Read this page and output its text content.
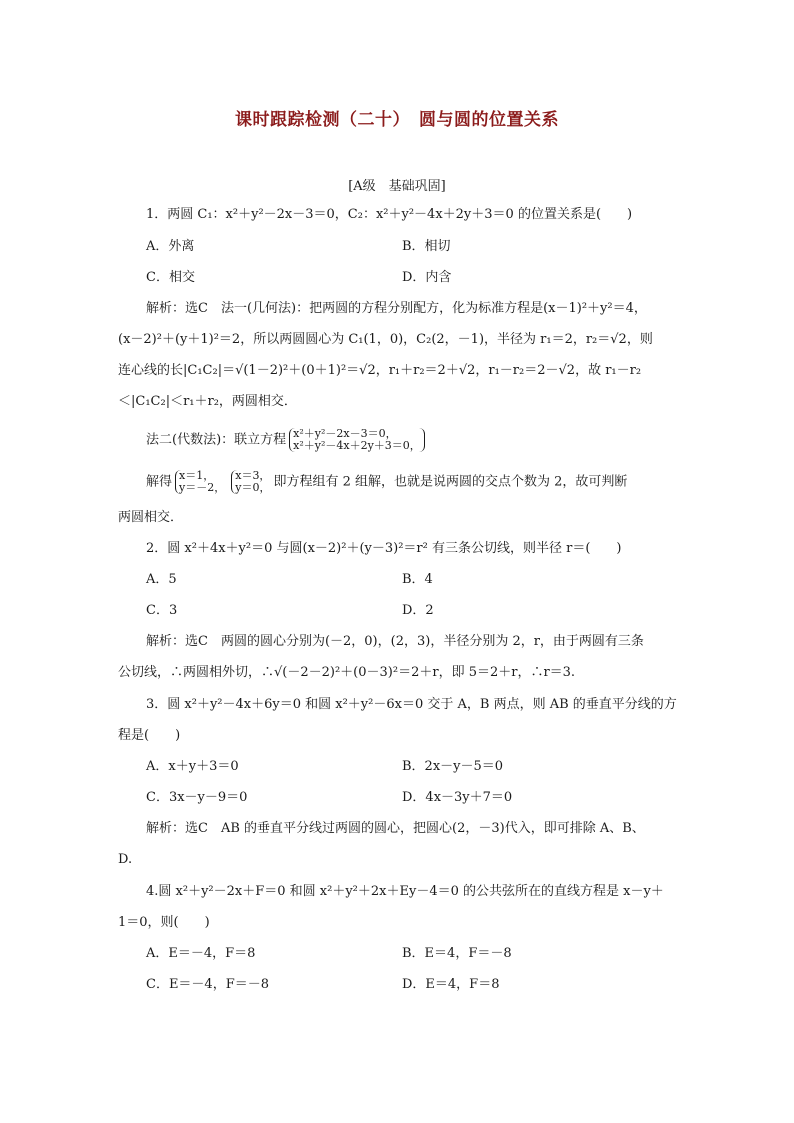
课时跟踪检测（二十）　圆与圆的位置关系
[A级　基础巩固]
1．两圆 C₁：x²＋y²－2x－3＝0，C₂：x²＋y²－4x＋2y＋3＝0 的位置关系是(　　)
A．外离	B．相切
C．相交	D．内含
解析：选C　法一(几何法)：把两圆的方程分别配方，化为标准方程是(x－1)²＋y²＝4，
(x－2)²＋(y＋1)²＝2，所以两圆圆心为 C₁(1，0)，C₂(2，－1)，半径为 r₁＝2，r₂＝√2，则
连心线的长|C₁C₂|＝√(1－2)²＋(0＋1)²＝√2，r₁＋r₂＝2＋√2，r₁－r₂＝2－√2，故 r₁－r₂
＜|C₁C₂|＜r₁＋r₂，两圆相交．
法二(代数法)：联立方程 x²＋y²－2x－3＝0，
x²＋y²－4x＋2y＋3＝0，
解得 x＝1，
y＝－2，
x＝3，
y＝0， 即方程组有 2 组解，也就是说两圆的交点个数为 2，故可判断
两圆相交．
2．圆 x²＋4x＋y²＝0 与圆(x－2)²＋(y－3)²＝r² 有三条公切线，则半径 r＝(　　)
A．5	B．4
C．3	D．2
解析：选C　两圆的圆心分别为(－2，0)，(2，3)，半径分别为 2，r，由于两圆有三条
公切线，∴两圆相外切，∴√(－2－2)²＋(0－3)²＝2＋r，即 5＝2＋r，∴r＝3.
3．圆 x²＋y²－4x＋6y＝0 和圆 x²＋y²－6x＝0 交于 A，B 两点，则 AB 的垂直平分线的方
程是(　　)
A．x＋y＋3＝0	B．2x－y－5＝0
C．3x－y－9＝0	D．4x－3y＋7＝0
解析：选C　AB 的垂直平分线过两圆的圆心，把圆心(2，－3)代入，即可排除 A、B、
D.
4.圆 x²＋y²－2x＋F＝0 和圆 x²＋y²＋2x＋Ey－4＝0 的公共弦所在的直线方程是 x－y＋
1＝0，则(　　)
A．E＝－4，F＝8	B．E＝4，F＝－8
C．E＝－4，F＝－8	D．E＝4，F＝8
